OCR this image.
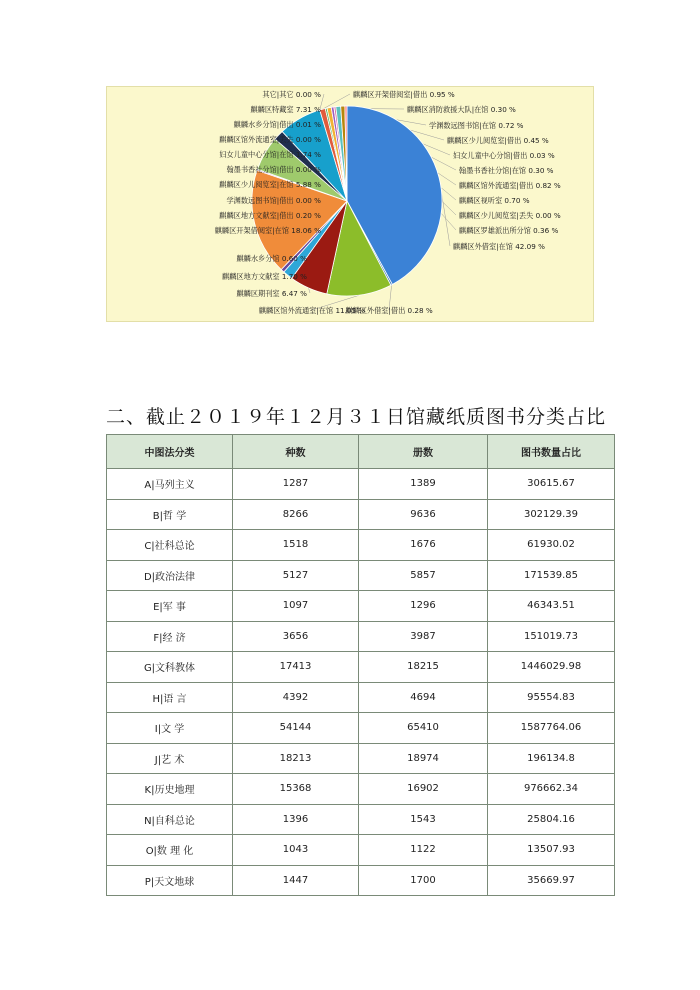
其它|其它 0.00 %
麒麟区特藏室 7.31 %
麒麟水乡分馆|借出 0.01 %
麒麟区馆外流通室|丢失 0.00 %
妇女儿童中心分馆|在馆 1.74 %
翰墨书香社分馆|借出 0.00 %
麒麟区少儿阅览室|在馆 5.88 %
学渊数远图书馆|借出 0.00 %
麒麟区地方文献室|借出 0.20 %
麒麟区开架借阅室|在馆 18.06 %
麒麟水乡分馆 0.60 %
麒麟区地方文献室 1.70 %
麒麟区期刊室 6.47 %
麒麟区馆外流通室|在馆 11.05 %
麒麟区外借室|借出 0.28 %
麒麟区开架借阅室|借出 0.95 %
麒麟区消防救援大队|在馆 0.30 %
学渊数远图书馆|在馆 0.72 %
麒麟区少儿阅览室|借出 0.45 %
妇女儿童中心分馆|借出 0.03 %
翰墨书香社分馆|在馆 0.30 %
麒麟区馆外流通室|借出 0.82 %
麒麟区视听室 0.70 %
麒麟区少儿阅览室|丢失 0.00 %
麒麟区罗雄派出所分馆 0.36 %
麒麟区外借室|在馆 42.09 %
二、截止２０１９年１２月３１日馆藏纸质图书分类占比
中图法分类	种数	册数	图书数量占比
A|马列主义	1287	1389	30615.67
B|哲 学	8266	9636	302129.39
C|社科总论	1518	1676	61930.02
D|政治法律	5127	5857	171539.85
E|军 事	1097	1296	46343.51
F|经 济	3656	3987	151019.73
G|文科教体	17413	18215	1446029.98
H|语 言	4392	4694	95554.83
I|文 学	54144	65410	1587764.06
J|艺 术	18213	18974	196134.8
K|历史地理	15368	16902	976662.34
N|自科总论	1396	1543	25804.16
O|数 理 化	1043	1122	13507.93
P|天文地球	1447	1700	35669.97
